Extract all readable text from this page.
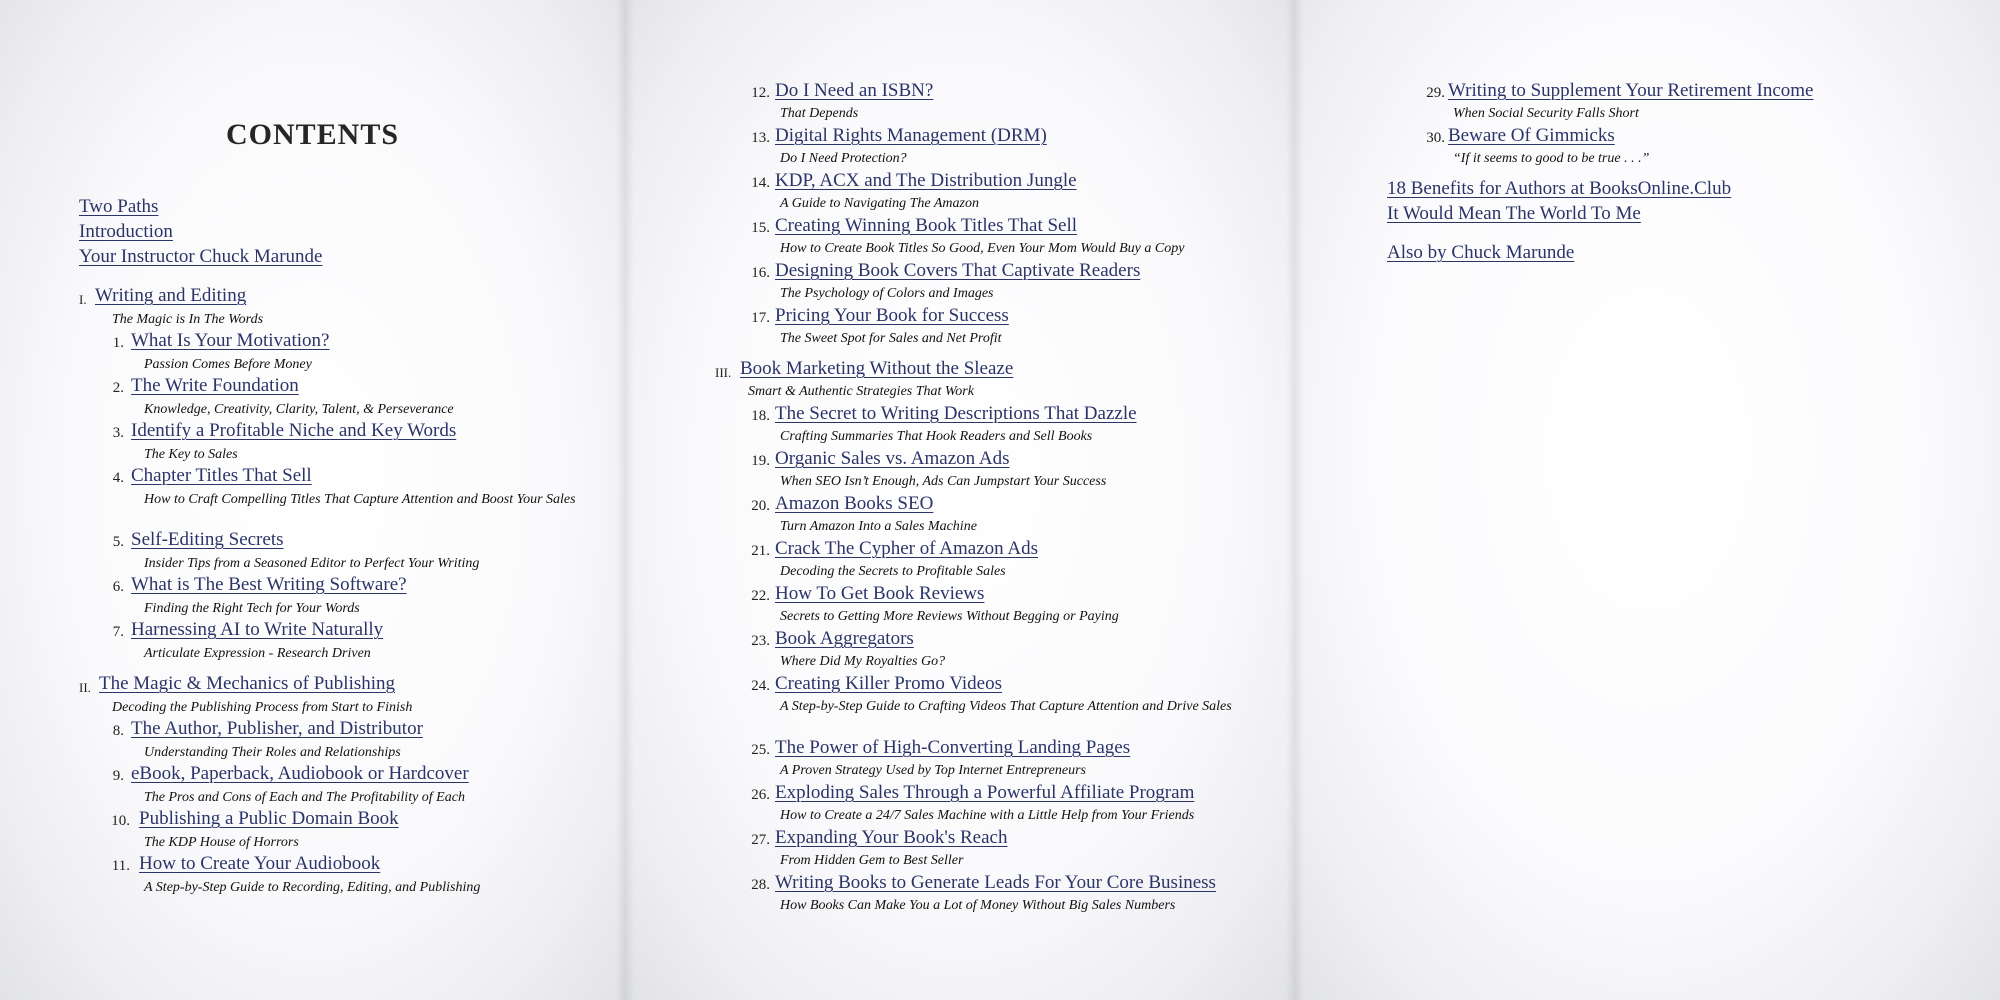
CONTENTS
Two Paths
Introduction
Your Instructor Chuck Marunde
I. Writing and Editing
The Magic is In The Words
1. What Is Your Motivation?
Passion Comes Before Money
2. The Write Foundation
Knowledge, Creativity, Clarity, Talent, & Perseverance
3. Identify a Profitable Niche and Key Words
The Key to Sales
4. Chapter Titles That Sell
How to Craft Compelling Titles That Capture Attention and Boost Your Sales
5. Self-Editing Secrets
Insider Tips from a Seasoned Editor to Perfect Your Writing
6. What is The Best Writing Software?
Finding the Right Tech for Your Words
7. Harnessing AI to Write Naturally
Articulate Expression - Research Driven
II. The Magic & Mechanics of Publishing
Decoding the Publishing Process from Start to Finish
8. The Author, Publisher, and Distributor
Understanding Their Roles and Relationships
9. eBook, Paperback, Audiobook or Hardcover
The Pros and Cons of Each and The Profitability of Each
10. Publishing a Public Domain Book
The KDP House of Horrors
11. How to Create Your Audiobook
A Step-by-Step Guide to Recording, Editing, and Publishing
12. Do I Need an ISBN?
That Depends
13. Digital Rights Management (DRM)
Do I Need Protection?
14. KDP, ACX and The Distribution Jungle
A Guide to Navigating The Amazon
15. Creating Winning Book Titles That Sell
How to Create Book Titles So Good, Even Your Mom Would Buy a Copy
16. Designing Book Covers That Captivate Readers
The Psychology of Colors and Images
17. Pricing Your Book for Success
The Sweet Spot for Sales and Net Profit
III. Book Marketing Without the Sleaze
Smart & Authentic Strategies That Work
18. The Secret to Writing Descriptions That Dazzle
Crafting Summaries That Hook Readers and Sell Books
19. Organic Sales vs. Amazon Ads
When SEO Isn’t Enough, Ads Can Jumpstart Your Success
20. Amazon Books SEO
Turn Amazon Into a Sales Machine
21. Crack The Cypher of Amazon Ads
Decoding the Secrets to Profitable Sales
22. How To Get Book Reviews
Secrets to Getting More Reviews Without Begging or Paying
23. Book Aggregators
Where Did My Royalties Go?
24. Creating Killer Promo Videos
A Step-by-Step Guide to Crafting Videos That Capture Attention and Drive Sales
25. The Power of High-Converting Landing Pages
A Proven Strategy Used by Top Internet Entrepreneurs
26. Exploding Sales Through a Powerful Affiliate Program
How to Create a 24/7 Sales Machine with a Little Help from Your Friends
27. Expanding Your Book's Reach
From Hidden Gem to Best Seller
28. Writing Books to Generate Leads For Your Core Business
How Books Can Make You a Lot of Money Without Big Sales Numbers
29. Writing to Supplement Your Retirement Income
When Social Security Falls Short
30. Beware Of Gimmicks
“If it seems to good to be true . . .”
18 Benefits for Authors at BooksOnline.Club
It Would Mean The World To Me
Also by Chuck Marunde
